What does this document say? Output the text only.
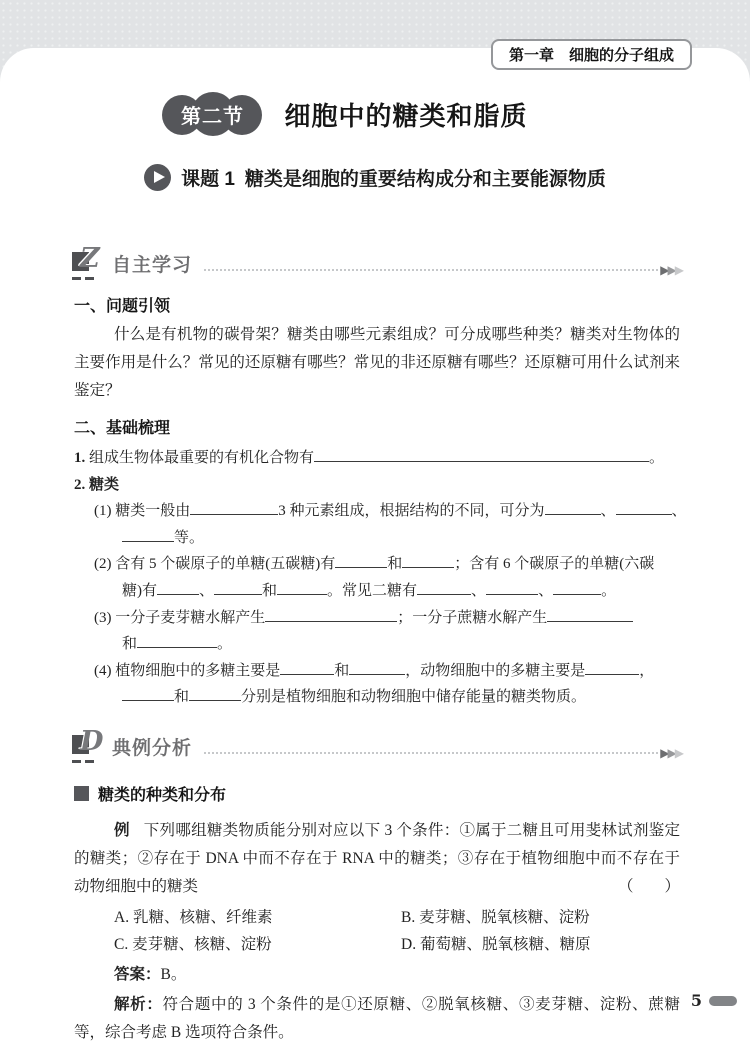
第一章　细胞的分子组成
第二节	细胞中的糖类和脂质
课题 1 糖类是细胞的重要结构成分和主要能源物质
Z 自主学习	▶
▶
▶
一、问题引领

什么是有机物的碳骨架？糖类由哪些元素组成？可分成哪些种类？糖类对生物体的主要作用是什么？常见的还原糖有哪些？常见的非还原糖有哪些？还原糖可用什么试剂来鉴定？

二、基础梳理
1. 组成生物体最重要的有机化合物有	。
2. 糖类
(1) 糖类一般由	3 种元素组成，根据结构的不同，可分为	、	、
等。
(2) 含有 5 个碳原子的单糖(五碳糖)有	和	；含有 6 个碳原子的单糖(六碳
糖)有	、	和	。常见二糖有	、	、	。
(3) 一分子麦芽糖水解产生	；一分子蔗糖水解产生
和	。
(4) 植物细胞中的多糖主要是	和	，动物细胞中的多糖主要是	，
和	分别是植物细胞和动物细胞中储存能量的糖类物质。
D 典例分析	▶
▶
▶
糖类的种类和分布

例 下列哪组糖类物质能分别对应以下 3 个条件：①属于二糖且可用斐林试剂鉴定的糖类；②存在于 DNA 中而不存在于 RNA 中的糖类；③存在于植物细胞中而不存在于动物细胞中的糖类	（　　）

A. 乳糖、核糖、纤维素	B. 麦芽糖、脱氧核糖、淀粉
C. 麦芽糖、核糖、淀粉	D. 葡萄糖、脱氧核糖、糖原

答案：B。

解析：符合题中的 3 个条件的是①还原糖、②脱氧核糖、③麦芽糖、淀粉、蔗糖等，综合考虑 B 选项符合条件。

5
